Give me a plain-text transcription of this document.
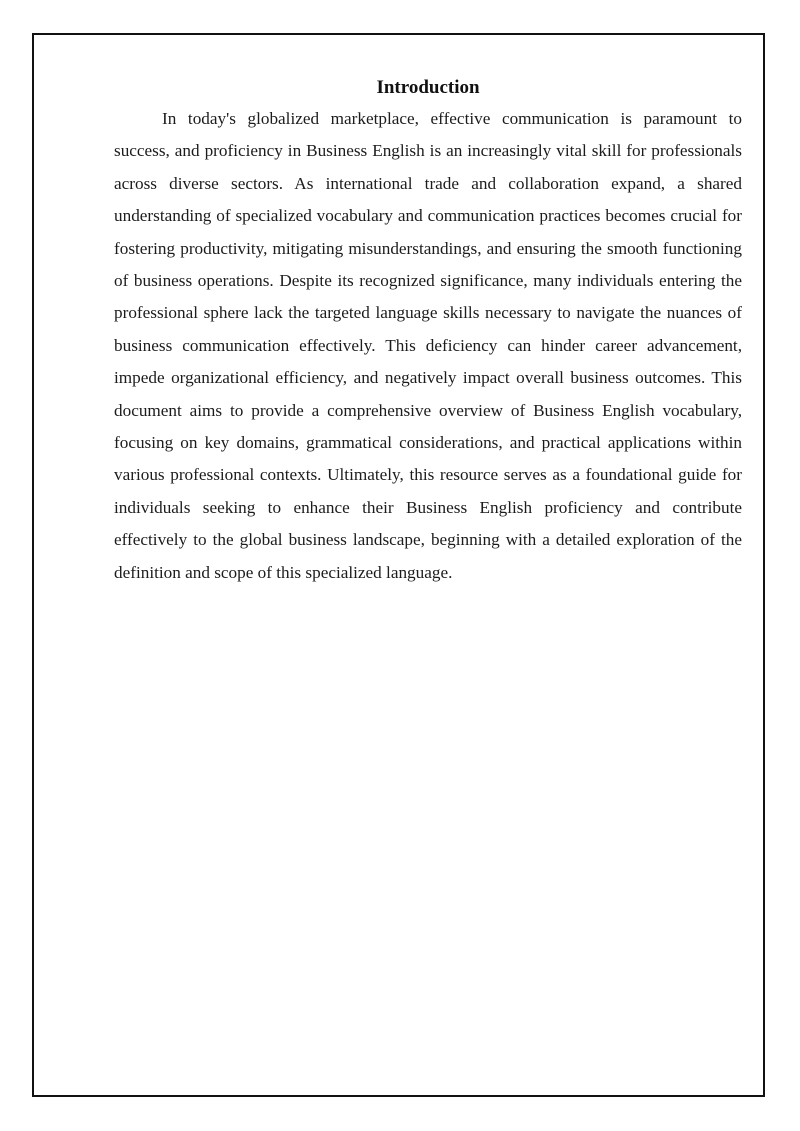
Introduction

In today's globalized marketplace, effective communication is paramount to success, and proficiency in Business English is an increasingly vital skill for professionals across diverse sectors. As international trade and collaboration expand, a shared understanding of specialized vocabulary and communication practices becomes crucial for fostering productivity, mitigating misunderstandings, and ensuring the smooth functioning of business operations. Despite its recognized significance, many individuals entering the professional sphere lack the targeted language skills necessary to navigate the nuances of business communication effectively. This deficiency can hinder career advancement, impede organizational efficiency, and negatively impact overall business outcomes. This document aims to provide a comprehensive overview of Business English vocabulary, focusing on key domains, grammatical considerations, and practical applications within various professional contexts. Ultimately, this resource serves as a foundational guide for individuals seeking to enhance their Business English proficiency and contribute effectively to the global business landscape, beginning with a detailed exploration of the definition and scope of this specialized language.
